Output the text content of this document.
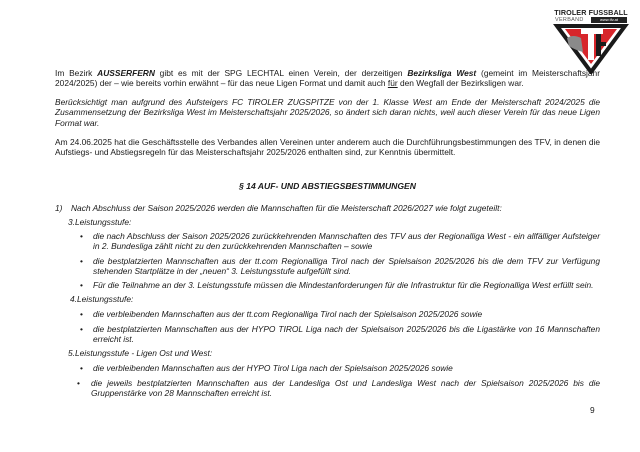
TIROLER FUSSBALL
VERBAND	www.tfv.at
Im Bezirk AUSSERFERN gibt es mit der SPG LECHTAL einen Verein, der derzeitigen Bezirksliga West (gemeint im Meisterschaftsjahr 2024/2025) der – wie bereits vorhin erwähnt – für das neue Ligen Format und damit auch für den Wegfall der Bezirksligen war.
Berücksichtigt man aufgrund des Aufsteigers FC TIROLER ZUGSPITZE von der 1. Klasse West am Ende der Meisterschaft 2024/2025 die Zusammensetzung der Bezirksliga West im Meisterschaftsjahr 2025/2026, so ändert sich daran nichts, weil auch dieser Verein für das neue Ligen Format war.
Am 24.06.2025 hat die Geschäftsstelle des Verbandes allen Vereinen unter anderem auch die Durchführungsbestimmungen des TFV, in denen die Aufstiegs- und Abstiegsregeln für das Meisterschaftsjahr 2025/2026 enthalten sind, zur Kenntnis übermittelt.
§ 14 AUF- UND ABSTIEGSBESTIMMUNGEN
1) Nach Abschluss der Saison 2025/2026 werden die Mannschaften für die Meisterschaft 2026/2027 wie folgt zugeteilt:
3.Leistungsstufe:
• die nach Abschluss der Saison 2025/2026 zurückkehrenden Mannschaften des TFV aus der Regionalliga West - ein allfälliger Aufsteiger in 2. Bundesliga zählt nicht zu den zurückkehrenden Mannschaften – sowie
• die bestplatzierten Mannschaften aus der tt.com Regionalliga Tirol nach der Spielsaison 2025/2026 bis die dem TFV zur Verfügung stehenden Startplätze in der „neuen“ 3. Leistungsstufe aufgefüllt sind.
• Für die Teilnahme an der 3. Leistungsstufe müssen die Mindestanforderungen für die Infrastruktur für die Regionalliga West erfüllt sein.
4.Leistungsstufe:
• die verbleibenden Mannschaften aus der tt.com Regionalliga Tirol nach der Spielsaison 2025/2026 sowie
• die bestplatzierten Mannschaften aus der HYPO TIROL Liga nach der Spielsaison 2025/2026 bis die Ligastärke von 16 Mannschaften erreicht ist.
5.Leistungsstufe - Ligen Ost und West:
• die verbleibenden Mannschaften aus der HYPO Tirol Liga nach der Spielsaison 2025/2026 sowie
• die jeweils bestplatzierten Mannschaften aus der Landesliga Ost und Landesliga West nach der Spielsaison 2025/2026 bis die Gruppenstärke von 28 Mannschaften erreicht ist.
9
